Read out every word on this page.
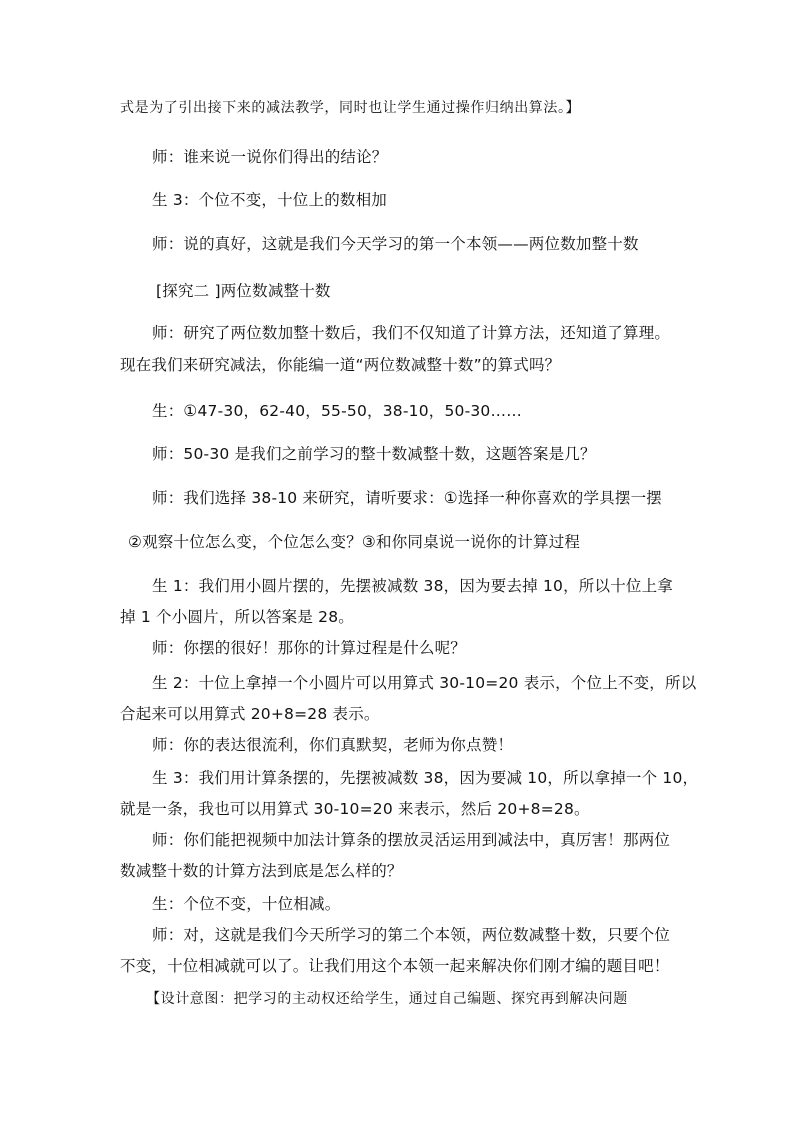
式是为了引出接下来的减法教学，同时也让学生通过操作归纳出算法。】
师：谁来说一说你们得出的结论？
生 3：个位不变，十位上的数相加
师：说的真好，这就是我们今天学习的第一个本领——两位数加整十数
[探究二 ]两位数减整十数
师：研究了两位数加整十数后，我们不仅知道了计算方法，还知道了算理。
现在我们来研究减法，你能编一道“两位数减整十数”的算式吗？
生：①47-30，62-40，55-50，38-10，50-30……
师：50-30 是我们之前学习的整十数减整十数，这题答案是几？
师：我们选择 38-10 来研究，请听要求：①选择一种你喜欢的学具摆一摆
②观察十位怎么变，个位怎么变？③和你同桌说一说你的计算过程
生 1：我们用小圆片摆的，先摆被减数 38，因为要去掉 10，所以十位上拿
掉 1 个小圆片，所以答案是 28。
师：你摆的很好！那你的计算过程是什么呢？
生 2：十位上拿掉一个小圆片可以用算式 30-10=20 表示，个位上不变，所以
合起来可以用算式 20+8=28 表示。
师：你的表达很流利，你们真默契，老师为你点赞！
生 3：我们用计算条摆的，先摆被减数 38，因为要减 10，所以拿掉一个 10，
就是一条，我也可以用算式 30-10=20 来表示，然后 20+8=28。
师：你们能把视频中加法计算条的摆放灵活运用到减法中，真厉害！那两位
数减整十数的计算方法到底是怎么样的？
生：个位不变，十位相减。
师：对，这就是我们今天所学习的第二个本领，两位数减整十数，只要个位
不变，十位相减就可以了。让我们用这个本领一起来解决你们刚才编的题目吧！
【设计意图：把学习的主动权还给学生，通过自己编题、探究再到解决问题
